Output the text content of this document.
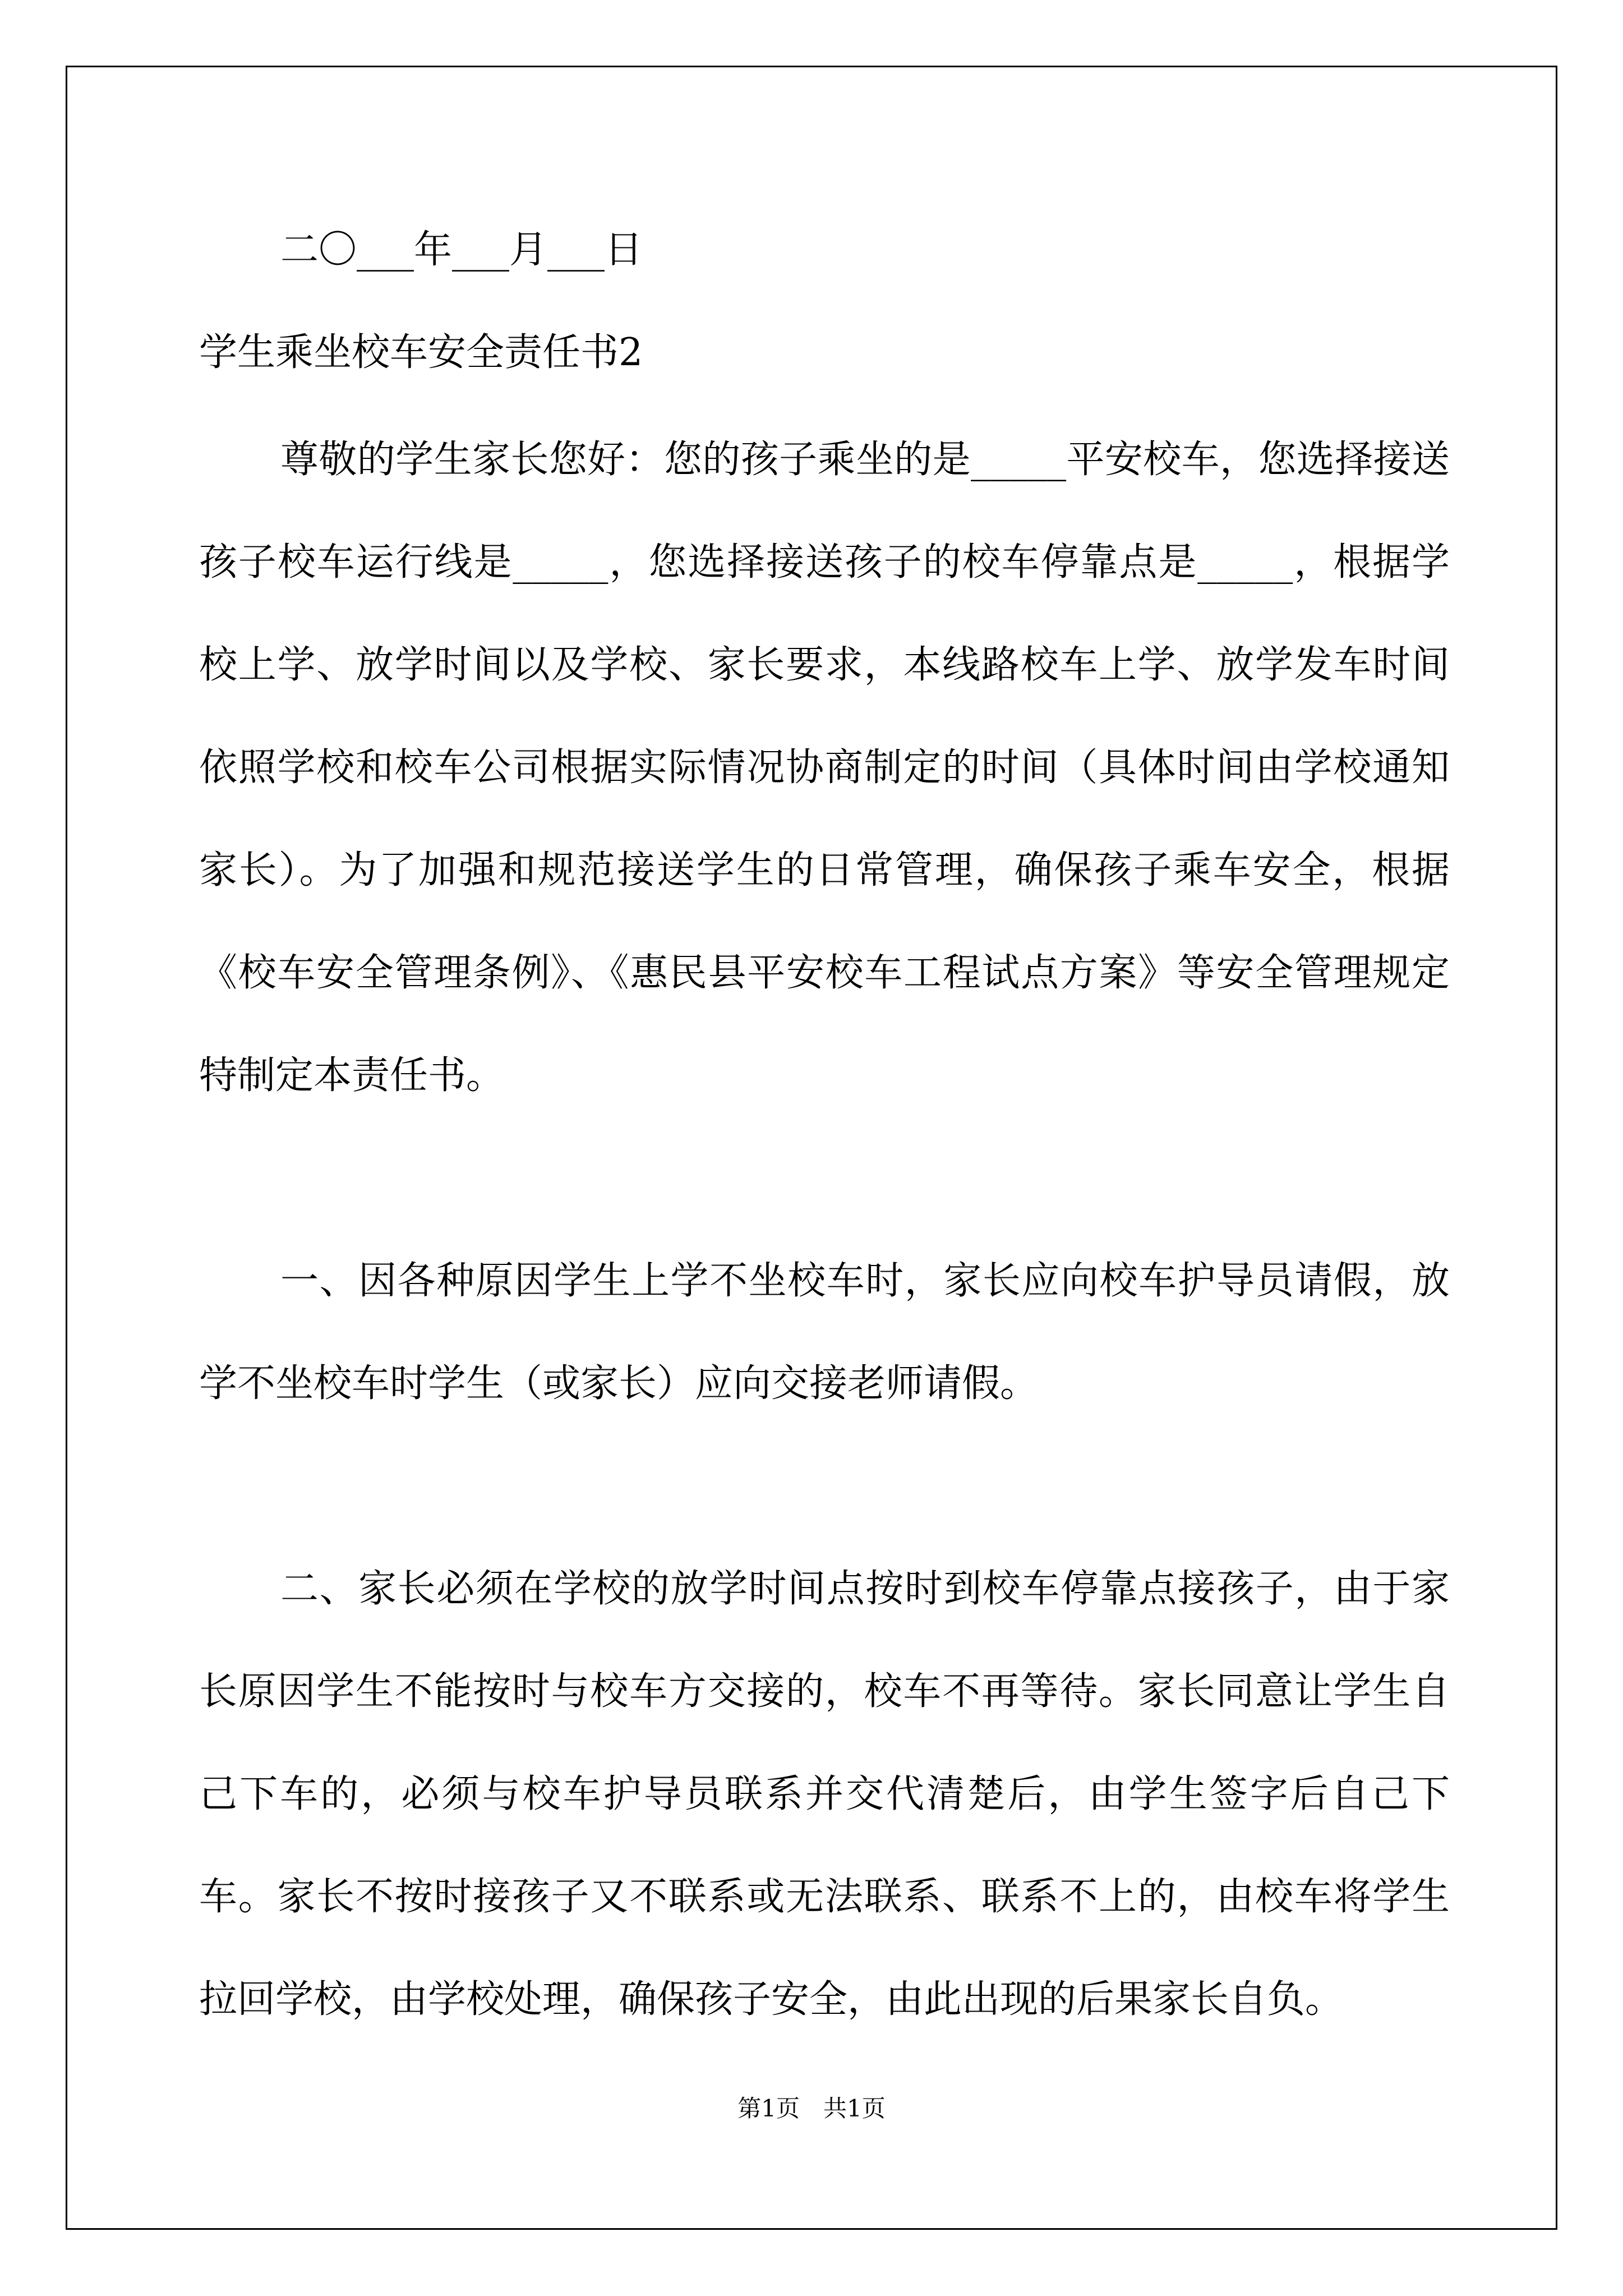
二〇___年___月___日
学生乘坐校车安全责任书2

尊敬的学生家长您好：您的孩子乘坐的是_____平安校车，您选择接送孩子校车运行线是_____，您选择接送孩子的校车停靠点是_____，根据学校上学、放学时间以及学校、家长要求，本线路校车上学、放学发车时间依照学校和校车公司根据实际情况协商制定的时间（具体时间由学校通知家长）。为了加强和规范接送学生的日常管理，确保孩子乘车安全，根据《校车安全管理条例》、《惠民县平安校车工程试点方案》等安全管理规定特制定本责任书。

一、因各种原因学生上学不坐校车时，家长应向校车护导员请假，放学不坐校车时学生（或家长）应向交接老师请假。

二、家长必须在学校的放学时间点按时到校车停靠点接孩子，由于家长原因学生不能按时与校车方交接的，校车不再等待。家长同意让学生自己下车的，必须与校车护导员联系并交代清楚后，由学生签字后自己下车。家长不按时接孩子又不联系或无法联系、联系不上的，由校车将学生拉回学校，由学校处理，确保孩子安全，由此出现的后果家长自负。

第1页　共1页
